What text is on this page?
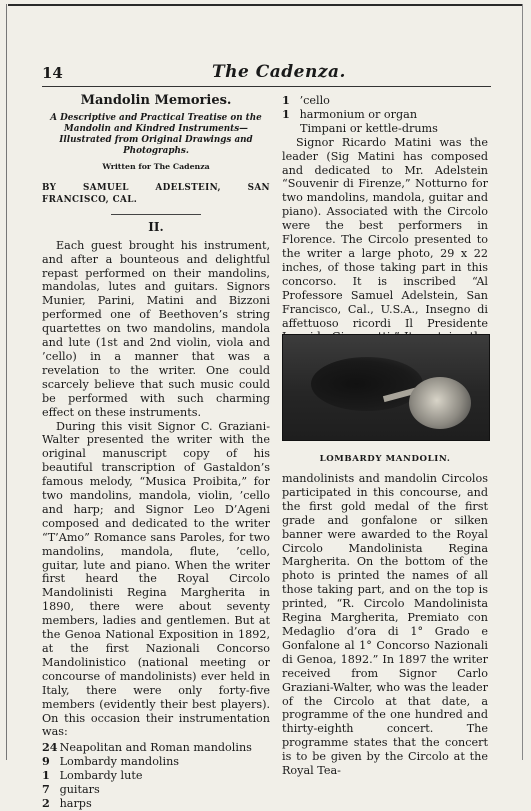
14	The Cadenza.
Mandolin Memories.
A Descriptive and Practical Treatise on the Mandolin and Kindred Instruments—Illustrated from Original Drawings and Photographs.
Written for The Cadenza
BY SAMUEL ADELSTEIN, SAN FRANCISCO, CAL.
II.

Each guest brought his instrument, and after a bounteous and delightful repast performed on their mandolins, mandolas, lutes and guitars. Signors Munier, Parini, Matini and Bizzoni performed one of Beethoven’s string quartettes on two mandolins, mandola and lute (1st and 2nd violin, viola and ’cello) in a manner that was a revelation to the writer. One could scarcely believe that such music could be performed with such charming effect on these instruments.

During this visit Signor C. Graziani-Walter presented the writer with the original manuscript copy of his beautiful transcription of Gastaldon’s famous melody, “Musica Proibita,” for two mandolins, mandola, violin, ’cello and harp; and Signor Leo D’Ageni composed and dedicated to the writer “T’Amo” Romance sans Paroles, for two mandolins, mandola, flute, ’cello, guitar, lute and piano. When the writer first heard the Royal Circolo Mandolinisti Regina Margherita in 1890, there were about seventy members, ladies and gentlemen. But at the Genoa National Exposition in 1892, at the first Nazionali Concorso Mandolinistico (national meeting or concourse of mandolinists) ever held in Italy, there were only forty-five members (evidently their best players). On this occasion their instrumentation was:

24 Neapolitan and Roman mandolins
9 Lombardy mandolins
1 Lombardy lute
7 guitars
2 harps
1 ’cello
1 harmonium or organ
Timpani or kettle-drums

Signor Ricardo Matini was the leader (Sig Matini has composed and dedicated to Mr. Adelstein “Souvenir di Firenze,” Notturno for two mandolins, mandola, guitar and piano). Associated with the Circolo were the best performers in Florence. The Circolo presented to the writer a large photo, 29 x 22 inches, of those taking part in this concorso. It is inscribed “Al Professore Samuel Adelstein, San Francisco, Cal., U.S.A., Insegno di affettuoso ricordi Il Presidente

LOMBARDY MANDOLIN.

mandolinists and mandolin Circolos participated in this concourse, and the first gold medal of the first grade and gonfalone or silken banner were awarded to the Royal Circolo Mandolinista Regina Margherita. On the bottom of the photo is printed the names of all those taking part, and on the top is printed, “R. Circolo Mandolinista Regina Margherita, Premiato con Medaglio d’ora di 1° Grado e Gonfalone al 1° Concorso Nazionali di Genoa, 1892.” In 1897 the writer received from Signor Carlo Graziani-Walter, who was the leader of the Circolo at that date, a programme of the one hundred and thirty-eighth concert. The programme states that the concert is to be given by the Circolo at the Royal Tea-
